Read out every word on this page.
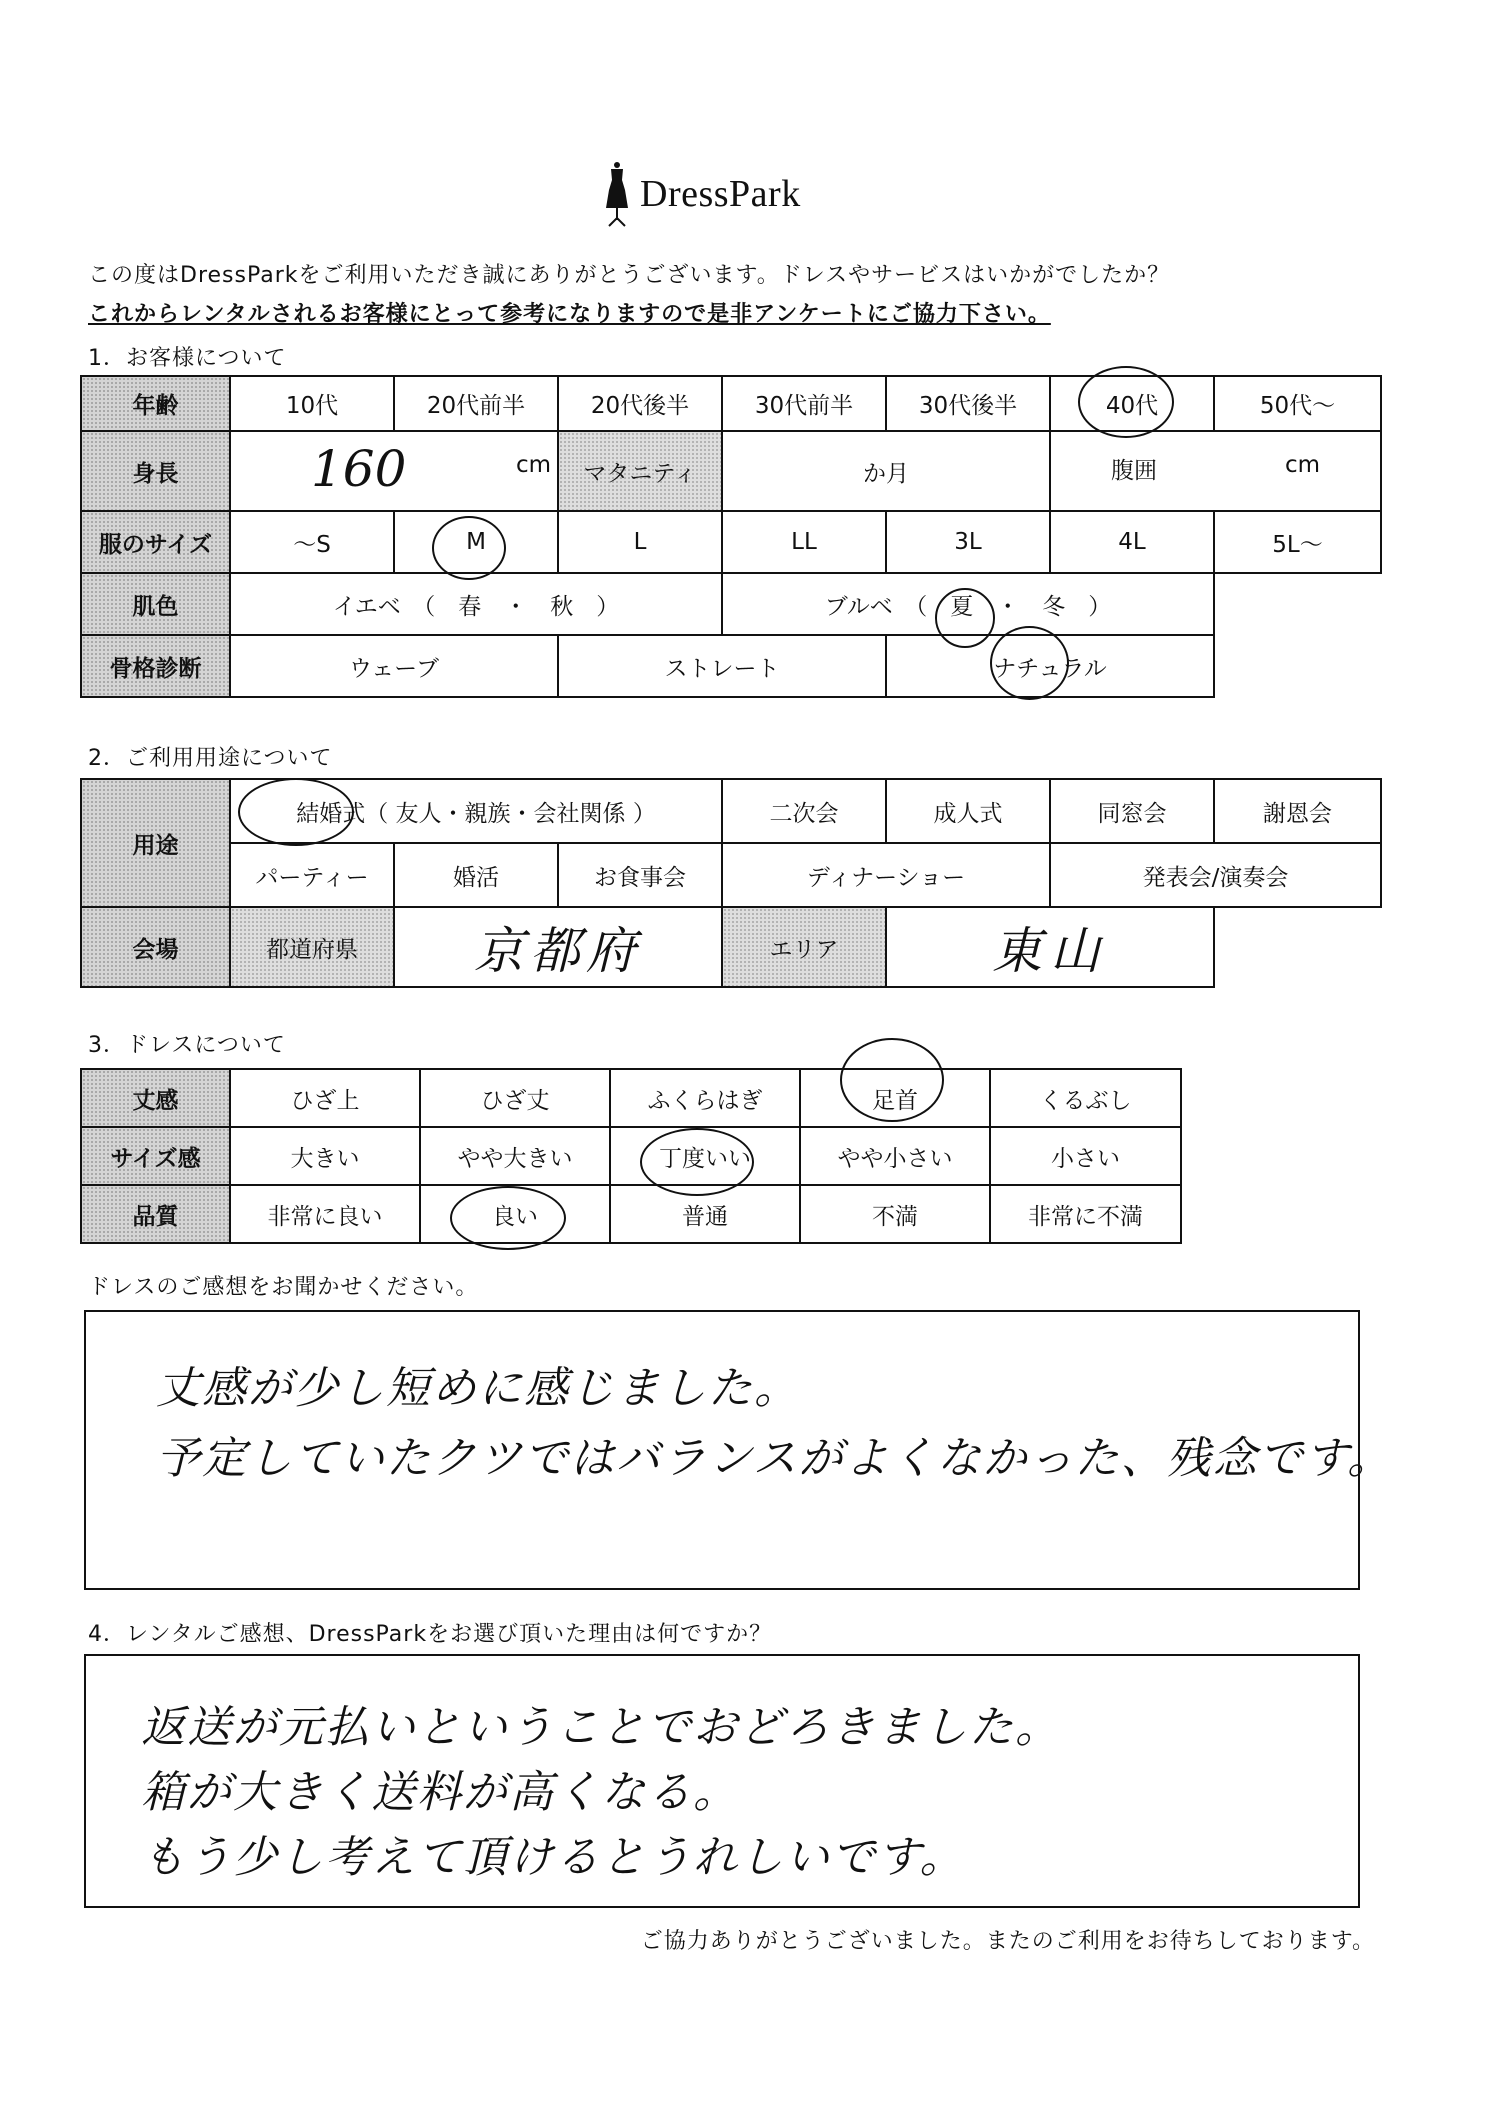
DressPark
この度はDressParkをご利用いただき誠にありがとうございます。ドレスやサービスはいかがでしたか？
これからレンタルされるお客様にとって参考になりますので是非アンケートにご協力下さい。
1．お客様について
年齢	10代	20代前半	20代後半	30代前半	30代後半	40代	50代〜
身長	160 cm		マタニティ	か月		腹囲 cm	

服のサイズ	〜S	M	L	LL	3L	4L	5L〜
肌色	イエベ　（　春　・　秋　）			ブルベ　（　夏　・　冬　）			
骨格診断	ウェーブ		ストレート		ナチュラル		
2．ご利用用途について
用途	結婚式（ 友人・親族・会社関係 ）			二次会	成人式	同窓会	謝恩会
	パーティー	婚活	お食事会	ディナーショー		発表会/演奏会	
会場	都道府県	京都府		エリア	東山		
3．ドレスについて
丈感	ひざ上	ひざ丈	ふくらはぎ	足首	くるぶし
サイズ感	大きい	やや大きい	丁度いい	やや小さい	小さい
品質	非常に良い	良い	普通	不満	非常に不満
ドレスのご感想をお聞かせください。
丈感が少し短めに感じました。
予定していたクツではバランスがよくなかった、残念です。
4．レンタルご感想、DressParkをお選び頂いた理由は何ですか？
返送が元払いということでおどろきました。
箱が大きく送料が高くなる。
もう少し考えて頂けるとうれしいです。
ご協力ありがとうございました。またのご利用をお待ちしております。
